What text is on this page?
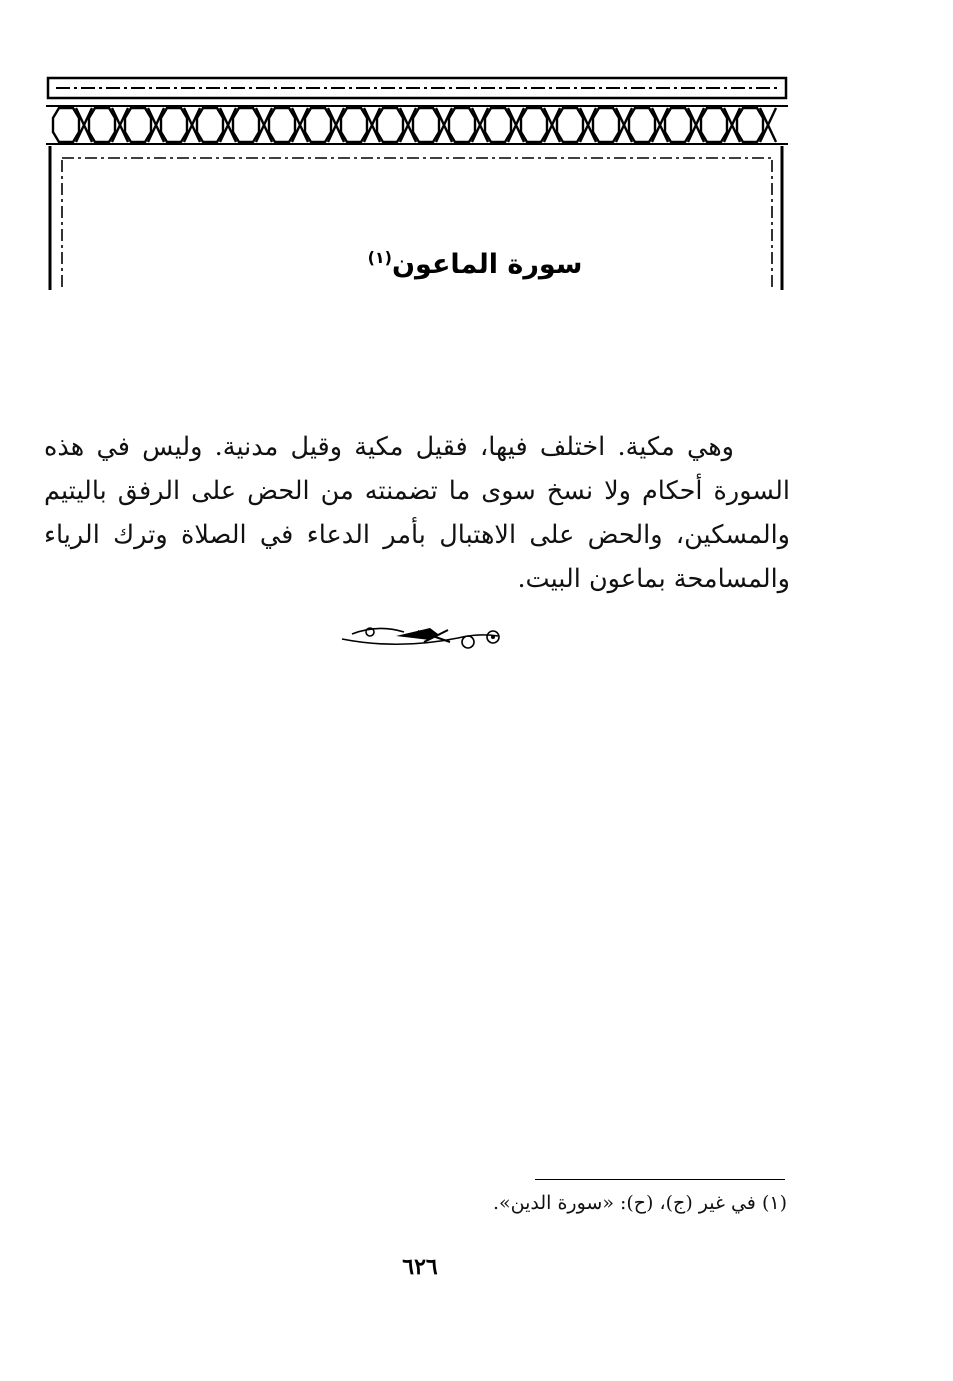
سورة الماعون$^{(١)}$

وهي مكية. اختلف فيها، فقيل مكية وقيل مدنية. وليس في هذه السورة أحكام ولا نسخ سوى ما تضمنته من الحض على الرفق باليتيم والمسكين، والحض على الاهتبال بأمر الدعاء في الصلاة وترك الرياء والمسامحة بماعون البيت.

(١) في غير (ج)، (ح): «سورة الدين».
٦٢٦
